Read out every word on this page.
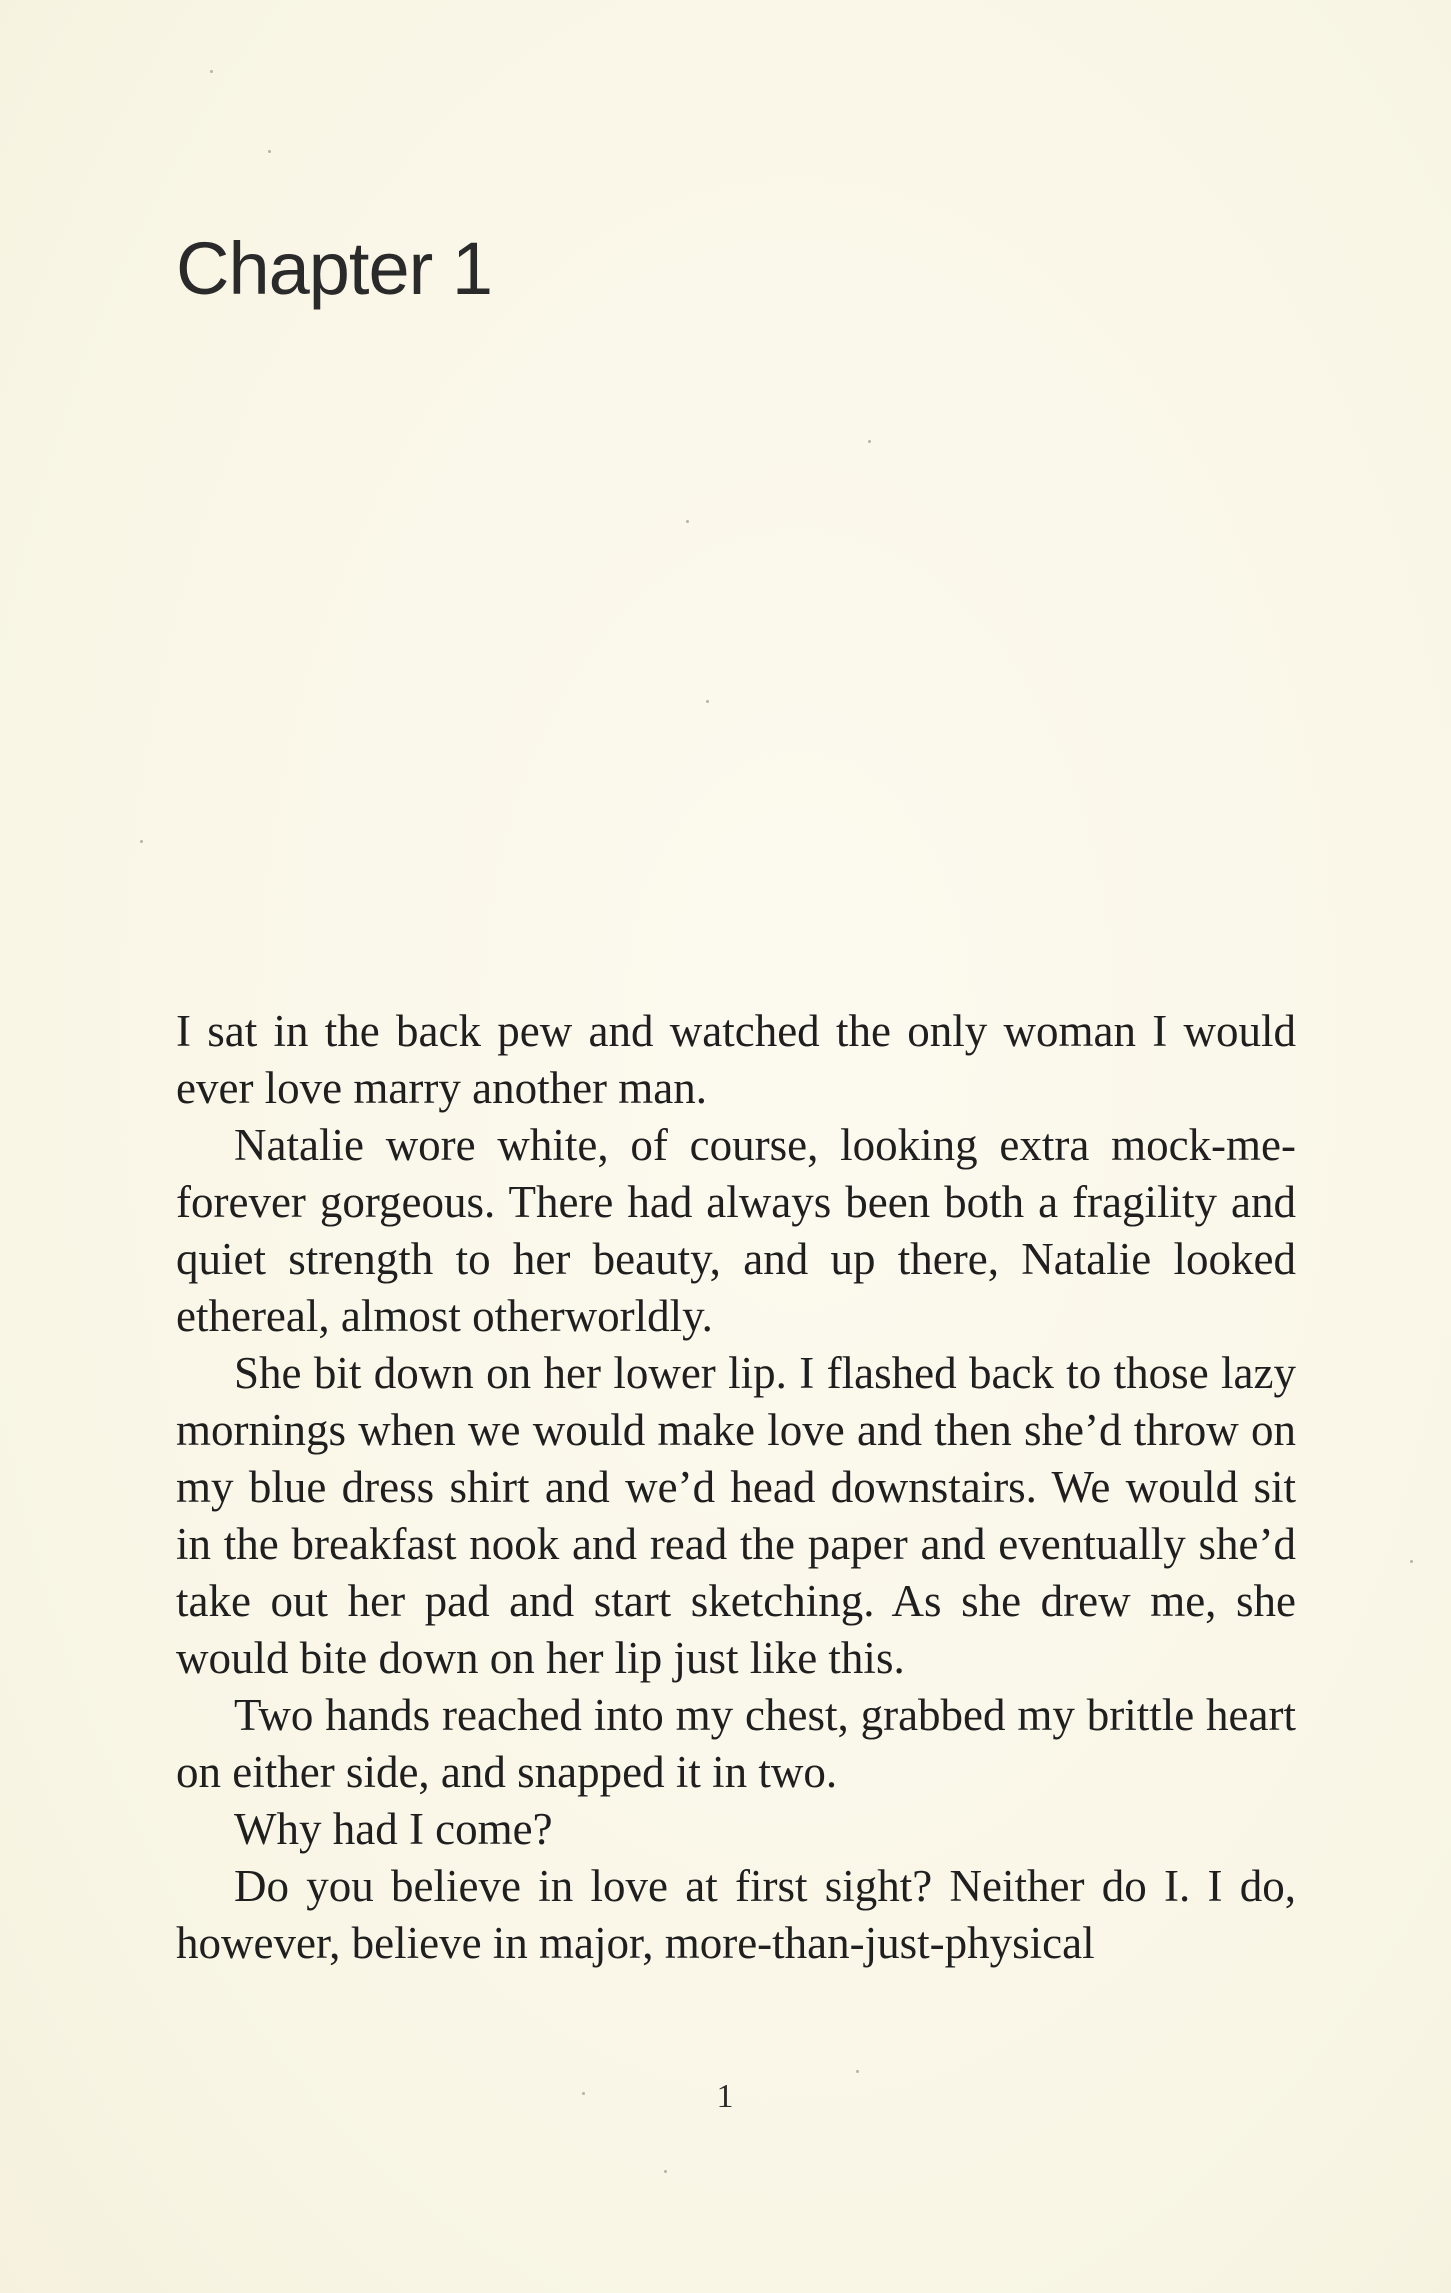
Chapter 1

I sat in the back pew and watched the only woman I would ever love marry another man.

Natalie wore white, of course, looking extra mock-me-forever gorgeous. There had always been both a fragility and quiet strength to her beauty, and up there, Natalie looked ethereal, almost otherworldly.

She bit down on her lower lip. I flashed back to those lazy mornings when we would make love and then she’d throw on my blue dress shirt and we’d head downstairs. We would sit in the breakfast nook and read the paper and eventually she’d take out her pad and start sketching. As she drew me, she would bite down on her lip just like this.

Two hands reached into my chest, grabbed my brittle heart on either side, and snapped it in two.

Why had I come?

Do you believe in love at first sight? Neither do I. I do, however, believe in major, more-than-just-physical

1
